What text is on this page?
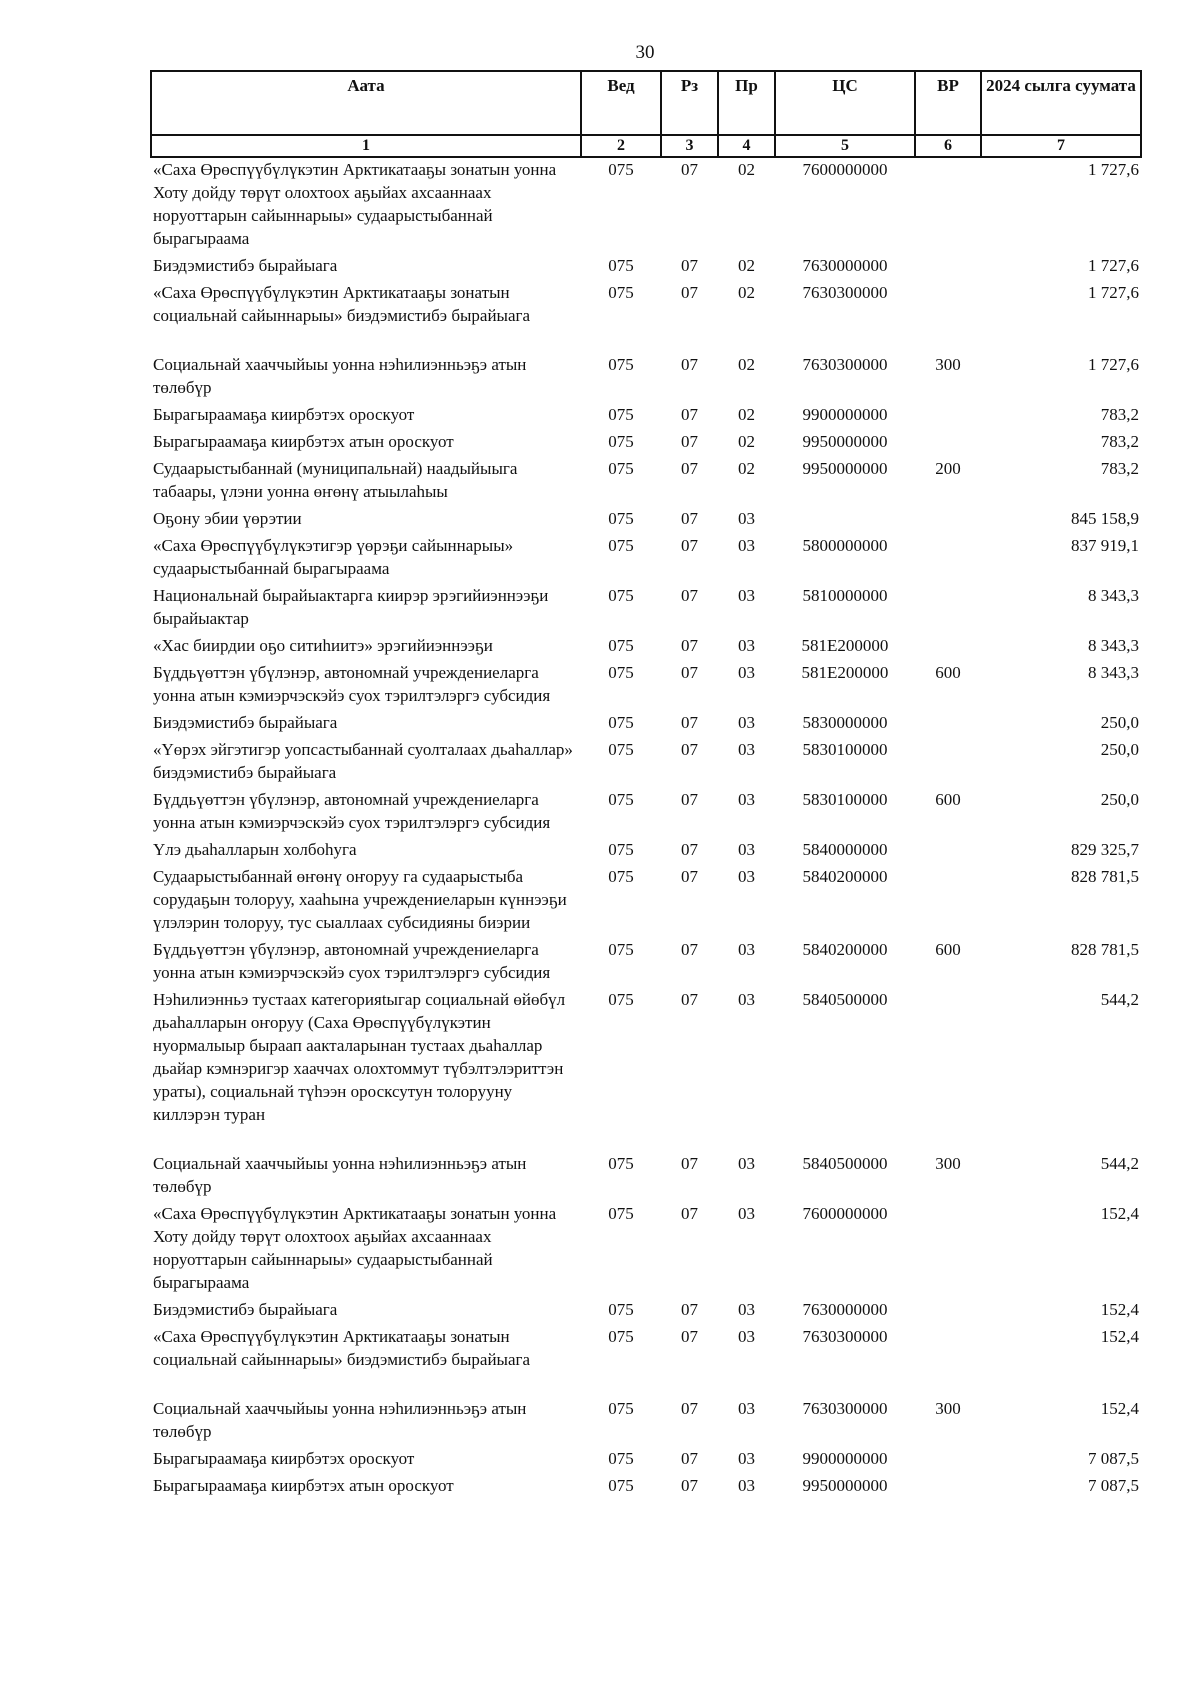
30
Аата	Вед	Рз	Пр	ЦС	ВР	2024 сылга суумата
1	2	3	4	5	6	7
«Саха Өрөспүүбүлүкэтин Арктикатааҕы зонатын уонна Хоту дойду төрүт олохтоох аҕыйах ахсааннаах норуоттарын сайыннарыы» судаарыстыбаннай бырагыраама	075	07	02	7600000000		1 727,6
Биэдэмистибэ бырайыага	075	07	02	7630000000		1 727,6
«Саха Өрөспүүбүлүкэтин Арктикатааҕы зонатын социальнай сайыннарыы» биэдэмистибэ бырайыага	075	07	02	7630300000		1 727,6
Социальнай хааччыйыы уонна нэһилиэнньэҕэ атын төлөбүр	075	07	02	7630300000	300	1 727,6
Бырагыраамаҕа киирбэтэх ороскуот	075	07	02	9900000000		783,2
Бырагыраамаҕа киирбэтэх атын ороскуот	075	07	02	9950000000		783,2
Судаарыстыбаннай (муниципальнай) наадыйыыга табаары, үлэни уонна өҥөнү атыылаһыы	075	07	02	9950000000	200	783,2
Оҕону эбии үөрэтии	075	07	03			845 158,9
«Саха Өрөспүүбүлүкэтигэр үөрэҕи сайыннарыы» судаарыстыбаннай бырагыраама	075	07	03	5800000000		837 919,1
Национальнай бырайыактарга киирэр эрэгийиэннээҕи бырайыактар	075	07	03	5810000000		8 343,3
«Хас биирдии оҕо ситиһиитэ» эрэгийиэннээҕи	075	07	03	581E200000		8 343,3
Бүддьүөттэн үбүлэнэр, автономнай учреждениеларга уонна атын кэмиэрчэскэйэ суох тэрилтэлэргэ субсидия	075	07	03	581E200000	600	8 343,3
Биэдэмистибэ бырайыага	075	07	03	5830000000		250,0
«Үөрэх эйгэтигэр уопсастыбаннай суолталаах дьаһаллар» биэдэмистибэ бырайыага	075	07	03	5830100000		250,0
Бүддьүөттэн үбүлэнэр, автономнай учреждениеларга уонна атын кэмиэрчэскэйэ суох тэрилтэлэргэ субсидия	075	07	03	5830100000	600	250,0
Үлэ дьаһалларын холбоһуга	075	07	03	5840000000		829 325,7
Судаарыстыбаннай өҥөнү оҥоруу га судаарыстыба сорудаҕын толоруу, хааһына учреждениеларын күннээҕи үлэлэрин толоруу, тус сыаллаах субсидияны биэрии	075	07	03	5840200000		828 781,5
Бүддьүөттэн үбүлэнэр, автономнай учреждениеларга уонна атын кэмиэрчэскэйэ суох тэрилтэлэргэ субсидия	075	07	03	5840200000	600	828 781,5
Нэһилиэнньэ тустаах категорияtыгар социальнай өйөбүл дьаһалларын оҥоруу (Саха Өрөспүүбүлүкэтин нуормалыыр быраап аакталарынан тустаах дьаһаллар дьайар кэмнэригэр хааччах олохтоммут түбэлтэлэриттэн ураты), социальнай түһээн оросксутун толорууну киллэрэн туран	075	07	03	5840500000		544,2
Социальнай хааччыйыы уонна нэһилиэнньэҕэ атын төлөбүр	075	07	03	5840500000	300	544,2
«Саха Өрөспүүбүлүкэтин Арктикатааҕы зонатын уонна Хоту дойду төрүт олохтоох аҕыйах ахсааннаах норуоттарын сайыннарыы» судаарыстыбаннай бырагыраама	075	07	03	7600000000		152,4
Биэдэмистибэ бырайыага	075	07	03	7630000000		152,4
«Саха Өрөспүүбүлүкэтин Арктикатааҕы зонатын социальнай сайыннарыы» биэдэмистибэ бырайыага	075	07	03	7630300000		152,4
Социальнай хааччыйыы уонна нэһилиэнньэҕэ атын төлөбүр	075	07	03	7630300000	300	152,4
Бырагыраамаҕа киирбэтэх ороскуот	075	07	03	9900000000		7 087,5
Бырагыраамаҕа киирбэтэх атын ороскуот	075	07	03	9950000000		7 087,5
